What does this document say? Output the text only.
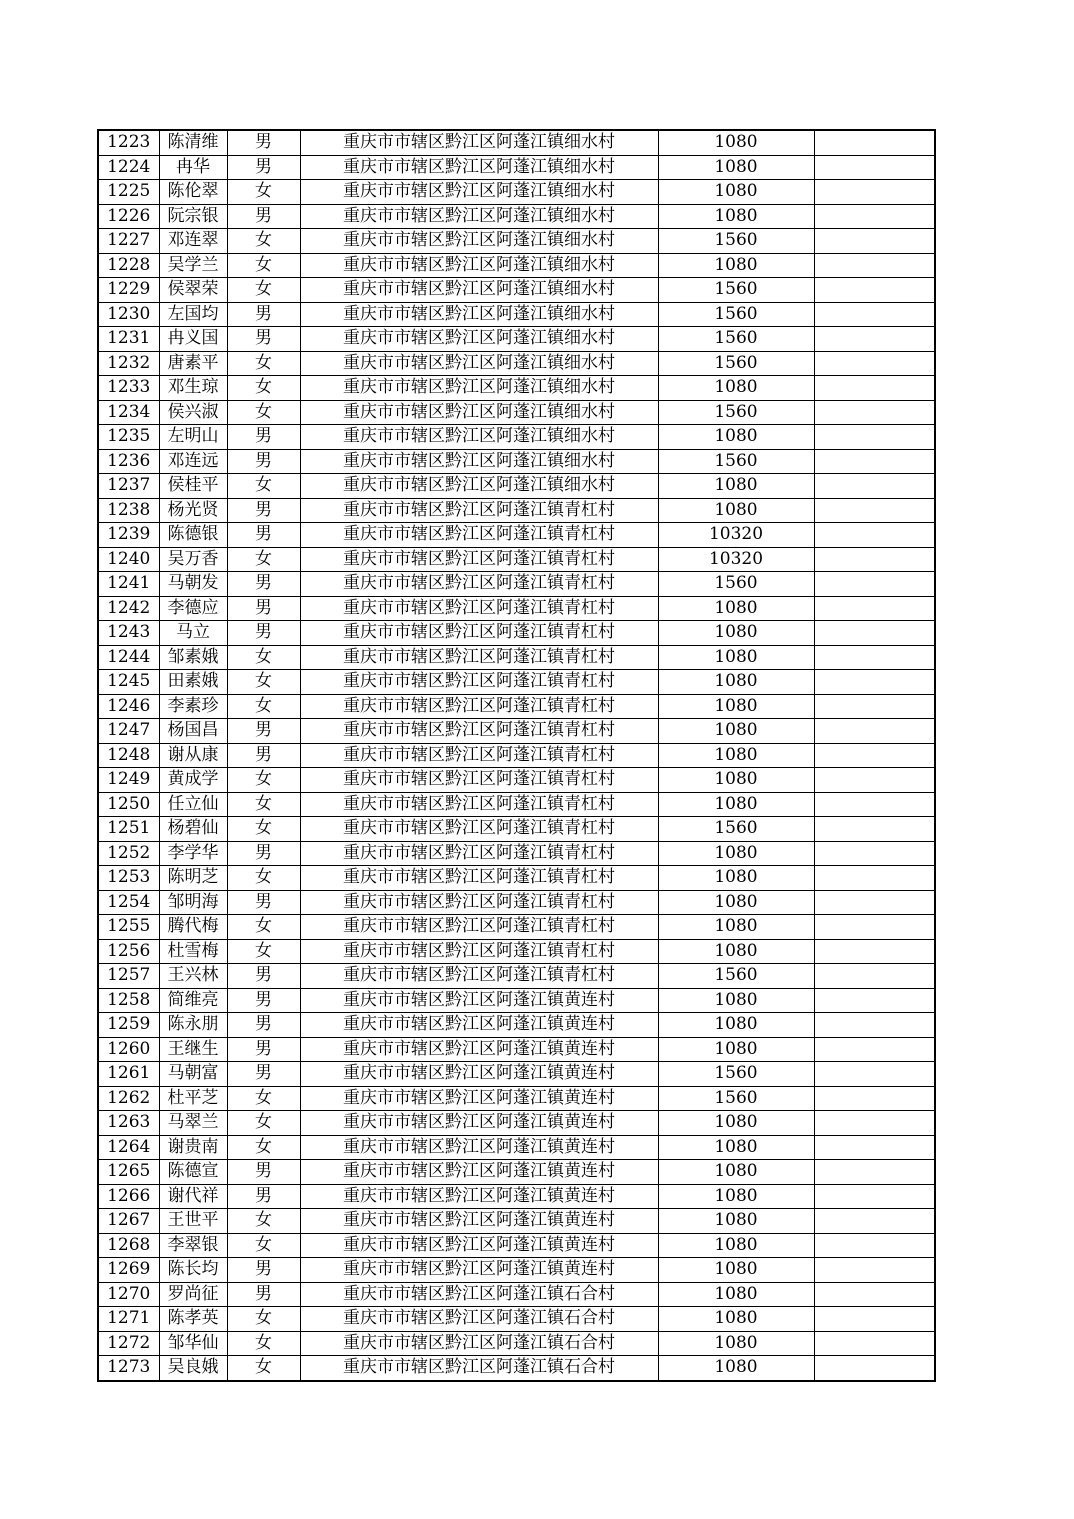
1223	陈清维	男	重庆市市辖区黔江区阿蓬江镇细水村	1080	
1224	冉华	男	重庆市市辖区黔江区阿蓬江镇细水村	1080	
1225	陈伦翠	女	重庆市市辖区黔江区阿蓬江镇细水村	1080	
1226	阮宗银	男	重庆市市辖区黔江区阿蓬江镇细水村	1080	
1227	邓连翠	女	重庆市市辖区黔江区阿蓬江镇细水村	1560	
1228	吴学兰	女	重庆市市辖区黔江区阿蓬江镇细水村	1080	
1229	侯翠荣	女	重庆市市辖区黔江区阿蓬江镇细水村	1560	
1230	左国均	男	重庆市市辖区黔江区阿蓬江镇细水村	1560	
1231	冉义国	男	重庆市市辖区黔江区阿蓬江镇细水村	1560	
1232	唐素平	女	重庆市市辖区黔江区阿蓬江镇细水村	1560	
1233	邓生琼	女	重庆市市辖区黔江区阿蓬江镇细水村	1080	
1234	侯兴淑	女	重庆市市辖区黔江区阿蓬江镇细水村	1560	
1235	左明山	男	重庆市市辖区黔江区阿蓬江镇细水村	1080	
1236	邓连远	男	重庆市市辖区黔江区阿蓬江镇细水村	1560	
1237	侯桂平	女	重庆市市辖区黔江区阿蓬江镇细水村	1080	
1238	杨光贤	男	重庆市市辖区黔江区阿蓬江镇青杠村	1080	
1239	陈德银	男	重庆市市辖区黔江区阿蓬江镇青杠村	10320	
1240	吴万香	女	重庆市市辖区黔江区阿蓬江镇青杠村	10320	
1241	马朝发	男	重庆市市辖区黔江区阿蓬江镇青杠村	1560	
1242	李德应	男	重庆市市辖区黔江区阿蓬江镇青杠村	1080	
1243	马立	男	重庆市市辖区黔江区阿蓬江镇青杠村	1080	
1244	邹素娥	女	重庆市市辖区黔江区阿蓬江镇青杠村	1080	
1245	田素娥	女	重庆市市辖区黔江区阿蓬江镇青杠村	1080	
1246	李素珍	女	重庆市市辖区黔江区阿蓬江镇青杠村	1080	
1247	杨国昌	男	重庆市市辖区黔江区阿蓬江镇青杠村	1080	
1248	谢从康	男	重庆市市辖区黔江区阿蓬江镇青杠村	1080	
1249	黄成学	女	重庆市市辖区黔江区阿蓬江镇青杠村	1080	
1250	任立仙	女	重庆市市辖区黔江区阿蓬江镇青杠村	1080	
1251	杨碧仙	女	重庆市市辖区黔江区阿蓬江镇青杠村	1560	
1252	李学华	男	重庆市市辖区黔江区阿蓬江镇青杠村	1080	
1253	陈明芝	女	重庆市市辖区黔江区阿蓬江镇青杠村	1080	
1254	邹明海	男	重庆市市辖区黔江区阿蓬江镇青杠村	1080	
1255	腾代梅	女	重庆市市辖区黔江区阿蓬江镇青杠村	1080	
1256	杜雪梅	女	重庆市市辖区黔江区阿蓬江镇青杠村	1080	
1257	王兴林	男	重庆市市辖区黔江区阿蓬江镇青杠村	1560	
1258	简维亮	男	重庆市市辖区黔江区阿蓬江镇黄连村	1080	
1259	陈永朋	男	重庆市市辖区黔江区阿蓬江镇黄连村	1080	
1260	王继生	男	重庆市市辖区黔江区阿蓬江镇黄连村	1080	
1261	马朝富	男	重庆市市辖区黔江区阿蓬江镇黄连村	1560	
1262	杜平芝	女	重庆市市辖区黔江区阿蓬江镇黄连村	1560	
1263	马翠兰	女	重庆市市辖区黔江区阿蓬江镇黄连村	1080	
1264	谢贵南	女	重庆市市辖区黔江区阿蓬江镇黄连村	1080	
1265	陈德宣	男	重庆市市辖区黔江区阿蓬江镇黄连村	1080	
1266	谢代祥	男	重庆市市辖区黔江区阿蓬江镇黄连村	1080	
1267	王世平	女	重庆市市辖区黔江区阿蓬江镇黄连村	1080	
1268	李翠银	女	重庆市市辖区黔江区阿蓬江镇黄连村	1080	
1269	陈长均	男	重庆市市辖区黔江区阿蓬江镇黄连村	1080	
1270	罗尚征	男	重庆市市辖区黔江区阿蓬江镇石合村	1080	
1271	陈孝英	女	重庆市市辖区黔江区阿蓬江镇石合村	1080	
1272	邹华仙	女	重庆市市辖区黔江区阿蓬江镇石合村	1080	
1273	吴良娥	女	重庆市市辖区黔江区阿蓬江镇石合村	1080	
